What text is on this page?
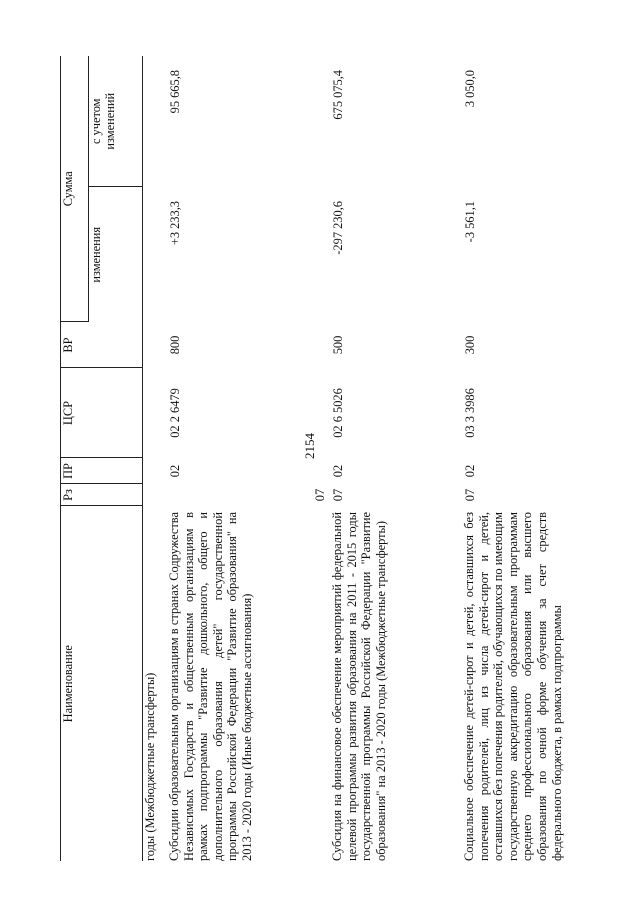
2154
Наименование	Рз	ПР	ЦСР	ВР	Сумма	
					изменения	с учетом изменений
годы (Межбюджетные трансферты)						
Субсидии образовательным организациям в странах Содружества Независимых Государств и общественным организациям в рамках подпрограммы "Развитие дошкольного, общего и дополнительного образования детей" государственной программы Российской Федерации "Развитие образования" на 2013 - 2020 годы (Иные бюджетные ассигнования)	07	02	02 2 6479	800	+3 233,3	95 665,8
Субсидия на финансовое обеспечение мероприятий федеральной целевой программы развития образования на 2011 - 2015 годы государственной программы Российской Федерации "Развитие образования" на 2013 - 2020 годы (Межбюджетные трансферты)	07	02	02 6 5026	500	-297 230,6	675 075,4
Социальное обеспечение детей-сирот и детей, оставшихся без попечения родителей, лиц из числа детей-сирот и детей, оставшихся без попечения родителей, обучающихся по имеющим государственную аккредитацию образовательным программам среднего профессионального образования или высшего образования по очной форме обучения за счет средств федерального бюджета, в рамках подпрограммы	07	02	03 3 3986	300	-3 561,1	3 050,0
